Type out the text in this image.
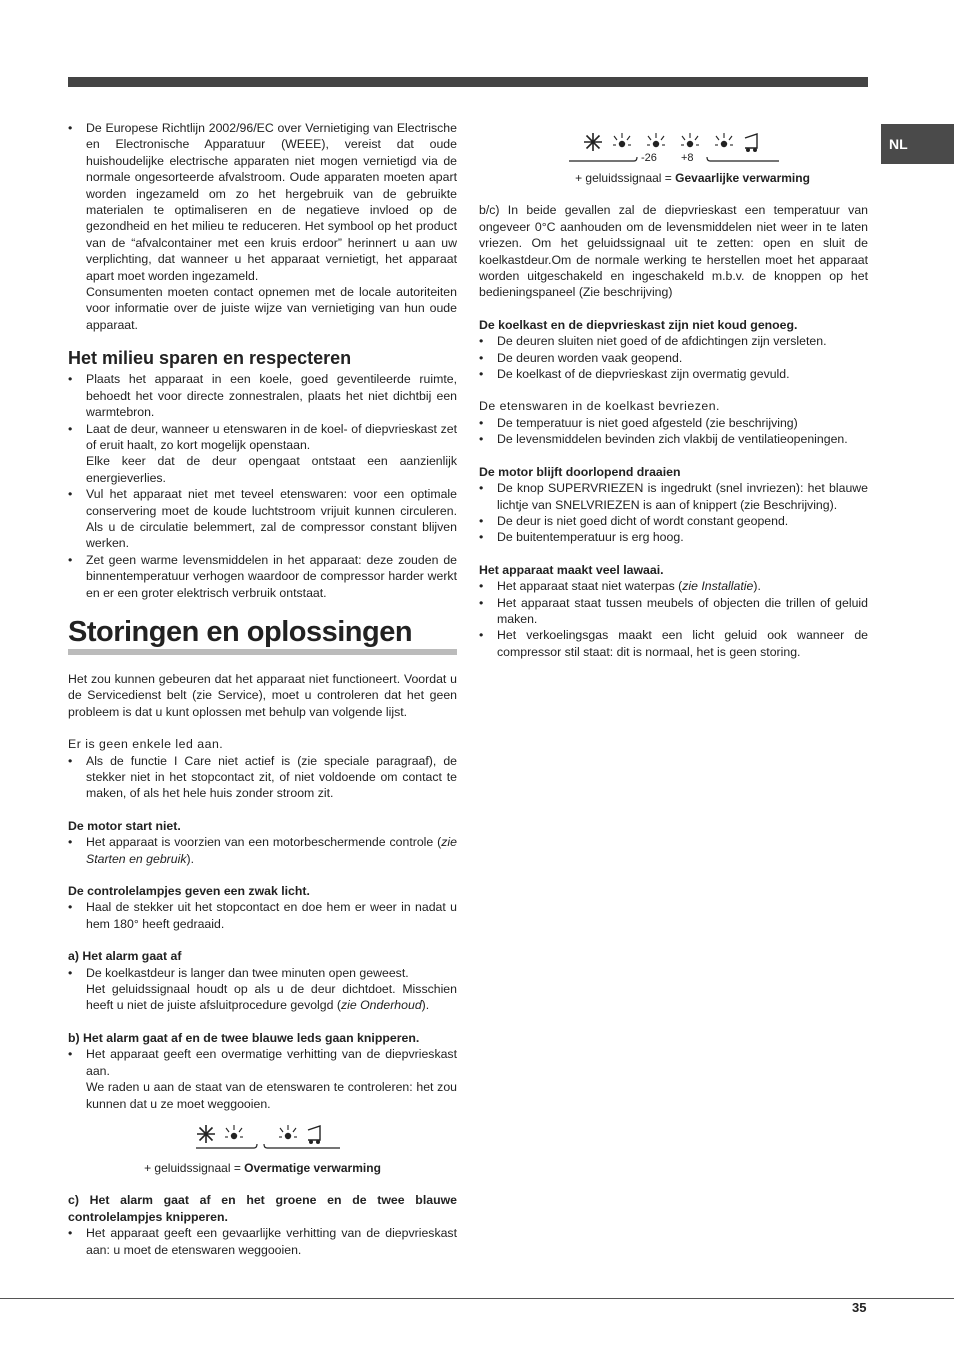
NL
• De Europese Richtlijn 2002/96/EC over Vernietiging van Electrische en Electronische Apparatuur (WEEE), vereist dat oude huishoudelijke electrische apparaten niet mogen vernietigd via de normale ongesorteerde afvalstroom. Oude apparaten moeten apart worden ingezameld om zo het hergebruik van de gebruikte materialen te optimaliseren en de negatieve invloed op de gezondheid en het milieu te reduceren. Het symbool op het product van de “afvalcontainer met een kruis erdoor” herinnert u aan uw verplichting, dat wanneer u het apparaat vernietigt, het apparaat apart moet worden ingezameld.
Consumenten moeten contact opnemen met de locale autoriteiten voor informatie over de juiste wijze van vernietiging van hun oude apparaat.
Het milieu sparen en respecteren
• Plaats het apparaat in een koele, goed geventileerde ruimte, behoedt het voor directe zonnestralen, plaats het niet dichtbij een warmtebron.
• Laat de deur, wanneer u etenswaren in de koel- of diepvrieskast zet of eruit haalt, zo kort mogelijk openstaan.
Elke keer dat de deur opengaat ontstaat een aanzienlijk energieverlies.
• Vul het apparaat niet met teveel etenswaren: voor een optimale conservering moet de koude luchtstroom vrijuit kunnen circuleren. Als u de circulatie belemmert, zal de compressor constant blijven werken.
• Zet geen warme levensmiddelen in het apparaat: deze zouden de binnentemperatuur verhogen waardoor de compressor harder werkt en er een groter elektrisch verbruik ontstaat.
Storingen en oplossingen

Het zou kunnen gebeuren dat het apparaat niet functioneert. Voordat u de Servicedienst belt (zie Service), moet u controleren dat het geen probleem is dat u kunt oplossen met behulp van volgende lijst.

Er is geen enkele led aan.
• Als de functie I Care niet actief is (zie speciale paragraaf), de stekker niet in het stopcontact zit, of niet voldoende om contact te maken, of als het hele huis zonder stroom zit.
De motor start niet.
• Het apparaat is voorzien van een motorbeschermende controle (zie Starten en gebruik).
De controlelampjes geven een zwak licht.
• Haal de stekker uit het stopcontact en doe hem er weer in nadat u hem 180° heeft gedraaid.
a) Het alarm gaat af
• De koelkastdeur is langer dan twee minuten open geweest.
Het geluidssignaal houdt op als u de deur dichtdoet. Misschien heeft u niet de juiste afsluitprocedure gevolgd (zie Onderhoud).
b) Het alarm gaat af en de twee blauwe leds gaan knipperen.
• Het apparaat geeft een overmatige verhitting van de diepvrieskast aan.
We raden u aan de staat van de etenswaren te controleren: het zou kunnen dat u ze moet weggooien.
+ geluidssignaal = Overmatige verwarming
c) Het alarm gaat af en het groene en de twee blauwe controlelampjes knipperen.
• Het apparaat geeft een gevaarlijke verhitting van de diepvrieskast aan: u moet de etenswaren weggooien.
-26 +8
+ geluidssignaal = Gevaarlijke verwarming

b/c) In beide gevallen zal de diepvrieskast een temperatuur van ongeveer 0°C aanhouden om de levensmiddelen niet weer in te laten vriezen. Om het geluidssignaal uit te zetten: open en sluit de koelkastdeur.Om de normale werking te herstellen moet het apparaat worden uitgeschakeld en ingeschakeld m.b.v. de knoppen op het bedieningspaneel (Zie beschrijving)

De koelkast en de diepvrieskast zijn niet koud genoeg.
• De deuren sluiten niet goed of de afdichtingen zijn versleten.
• De deuren worden vaak geopend.
• De koelkast of de diepvrieskast zijn overmatig gevuld.
De etenswaren in de koelkast bevriezen.
• De temperatuur is niet goed afgesteld (zie beschrijving)
• De levensmiddelen bevinden zich vlakbij de ventilatieopeningen.
De motor blijft doorlopend draaien
• De knop SUPERVRIEZEN is ingedrukt (snel invriezen): het blauwe lichtje van SNELVRIEZEN is aan of knippert (zie Beschrijving).
• De deur is niet goed dicht of wordt constant geopend.
• De buitentemperatuur is erg hoog.
Het apparaat maakt veel lawaai.
• Het apparaat staat niet waterpas (zie Installatie).
• Het apparaat staat tussen meubels of objecten die trillen of geluid maken.
• Het verkoelingsgas maakt een licht geluid ook wanneer de compressor stil staat: dit is normaal, het is geen storing.
35
